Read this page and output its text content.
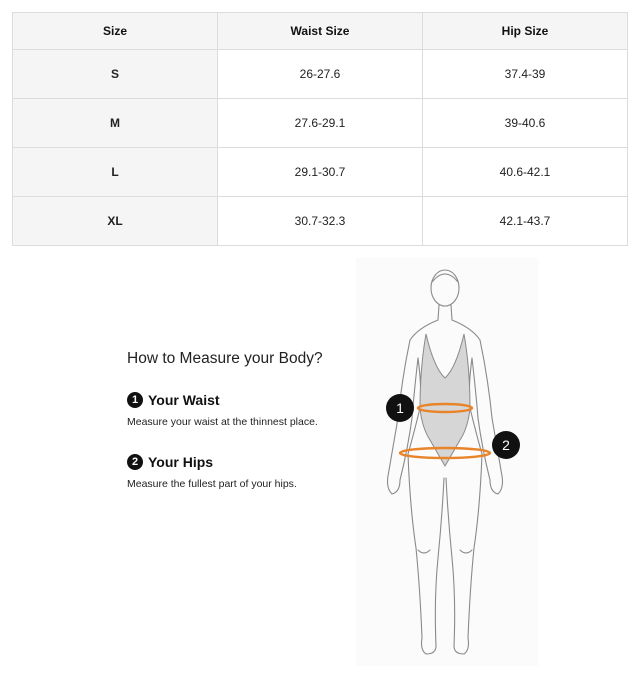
Size	Waist Size	Hip Size
S	26-27.6	37.4-39
M	27.6-29.1	39-40.6
L	29.1-30.7	40.6-42.1
XL	30.7-32.3	42.1-43.7
How to Measure your Body?
1 Your Waist
Measure your waist at the thinnest place.
2 Your Hips
Measure the fullest part of your hips.
1
2
